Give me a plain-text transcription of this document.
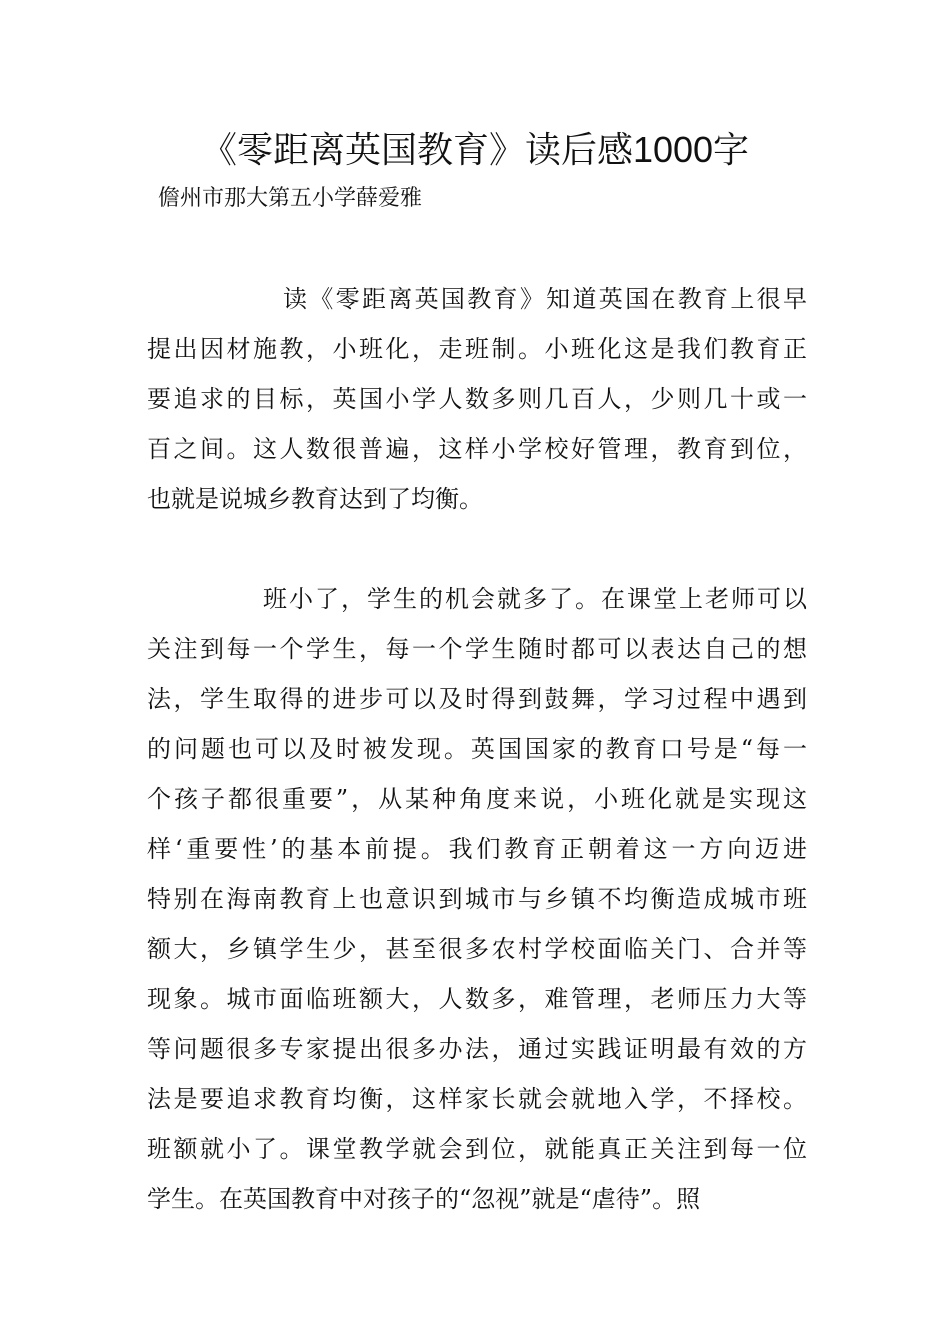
《零距离英国教育》读后感1000字

儋州市那大第五小学薛爱雅

读《零距离英国教育》知道英国在教育上很早
提出因材施教，小班化，走班制。小班化这是我们教育正
要追求的目标，英国小学人数多则几百人，少则几十或一
百之间。这人数很普遍，这样小学校好管理，教育到位，
也就是说城乡教育达到了均衡。

班小了，学生的机会就多了。在课堂上老师可以
关注到每一个学生，每一个学生随时都可以表达自己的想
法，学生取得的进步可以及时得到鼓舞，学习过程中遇到
的问题也可以及时被发现。英国国家的教育口号是“每一
个孩子都很重要”，从某种角度来说，小班化就是实现这
样‘重要性’的基本前提。我们教育正朝着这一方向迈进
特别在海南教育上也意识到城市与乡镇不均衡造成城市班
额大，乡镇学生少，甚至很多农村学校面临关门、合并等
现象。城市面临班额大，人数多，难管理，老师压力大等
等问题很多专家提出很多办法，通过实践证明最有效的方
法是要追求教育均衡，这样家长就会就地入学，不择校。
班额就小了。课堂教学就会到位，就能真正关注到每一位
学生。在英国教育中对孩子的“忽视”就是“虐待”。照
